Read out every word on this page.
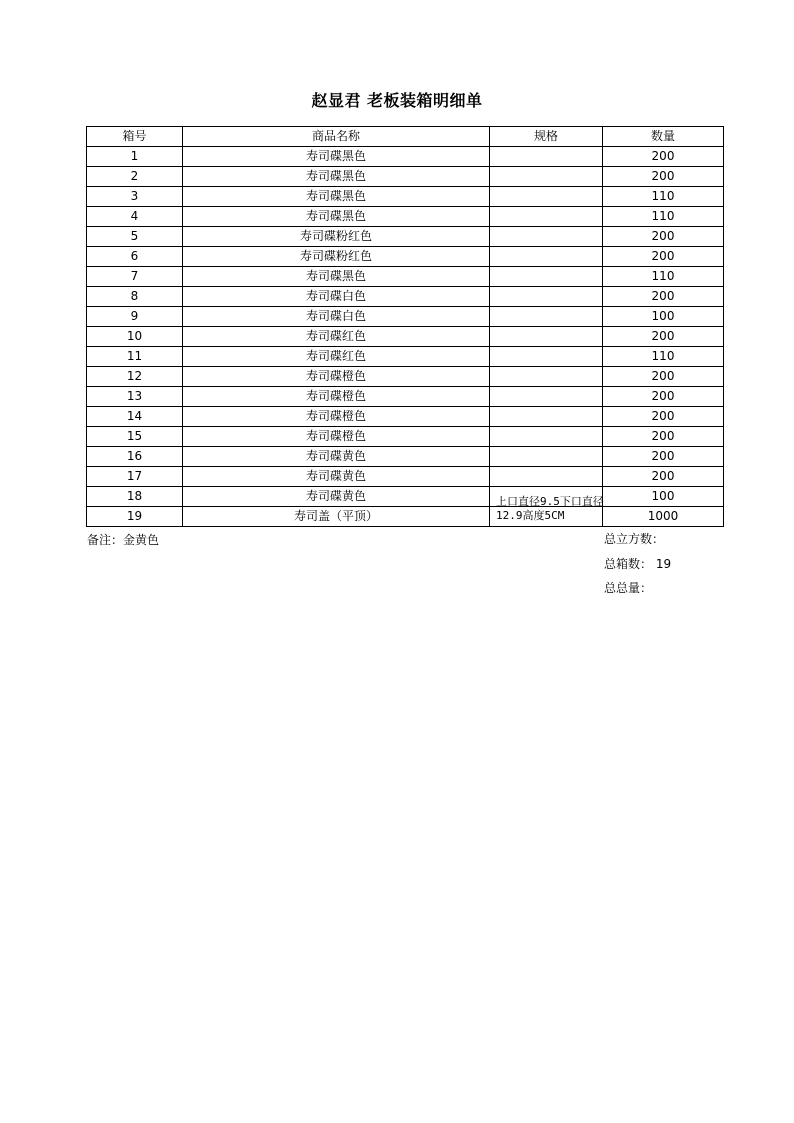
赵显君 老板装箱明细单
箱号	商品名称	规格	数量
1	寿司碟黑色		200
2	寿司碟黑色		200
3	寿司碟黑色		110
4	寿司碟黑色		110
5	寿司碟粉红色		200
6	寿司碟粉红色		200
7	寿司碟黑色		110
8	寿司碟白色		200
9	寿司碟白色		100
10	寿司碟红色		200
11	寿司碟红色		110
12	寿司碟橙色		200
13	寿司碟橙色		200
14	寿司碟橙色		200
15	寿司碟橙色		200
16	寿司碟黄色		200
17	寿司碟黄色		200
18	寿司碟黄色		100
19	寿司盖（平顶）	上口直径9.5下口直径12.9高度5CM	1000
备注：金黄色	总立方数：
总箱数： 19
总总量：
